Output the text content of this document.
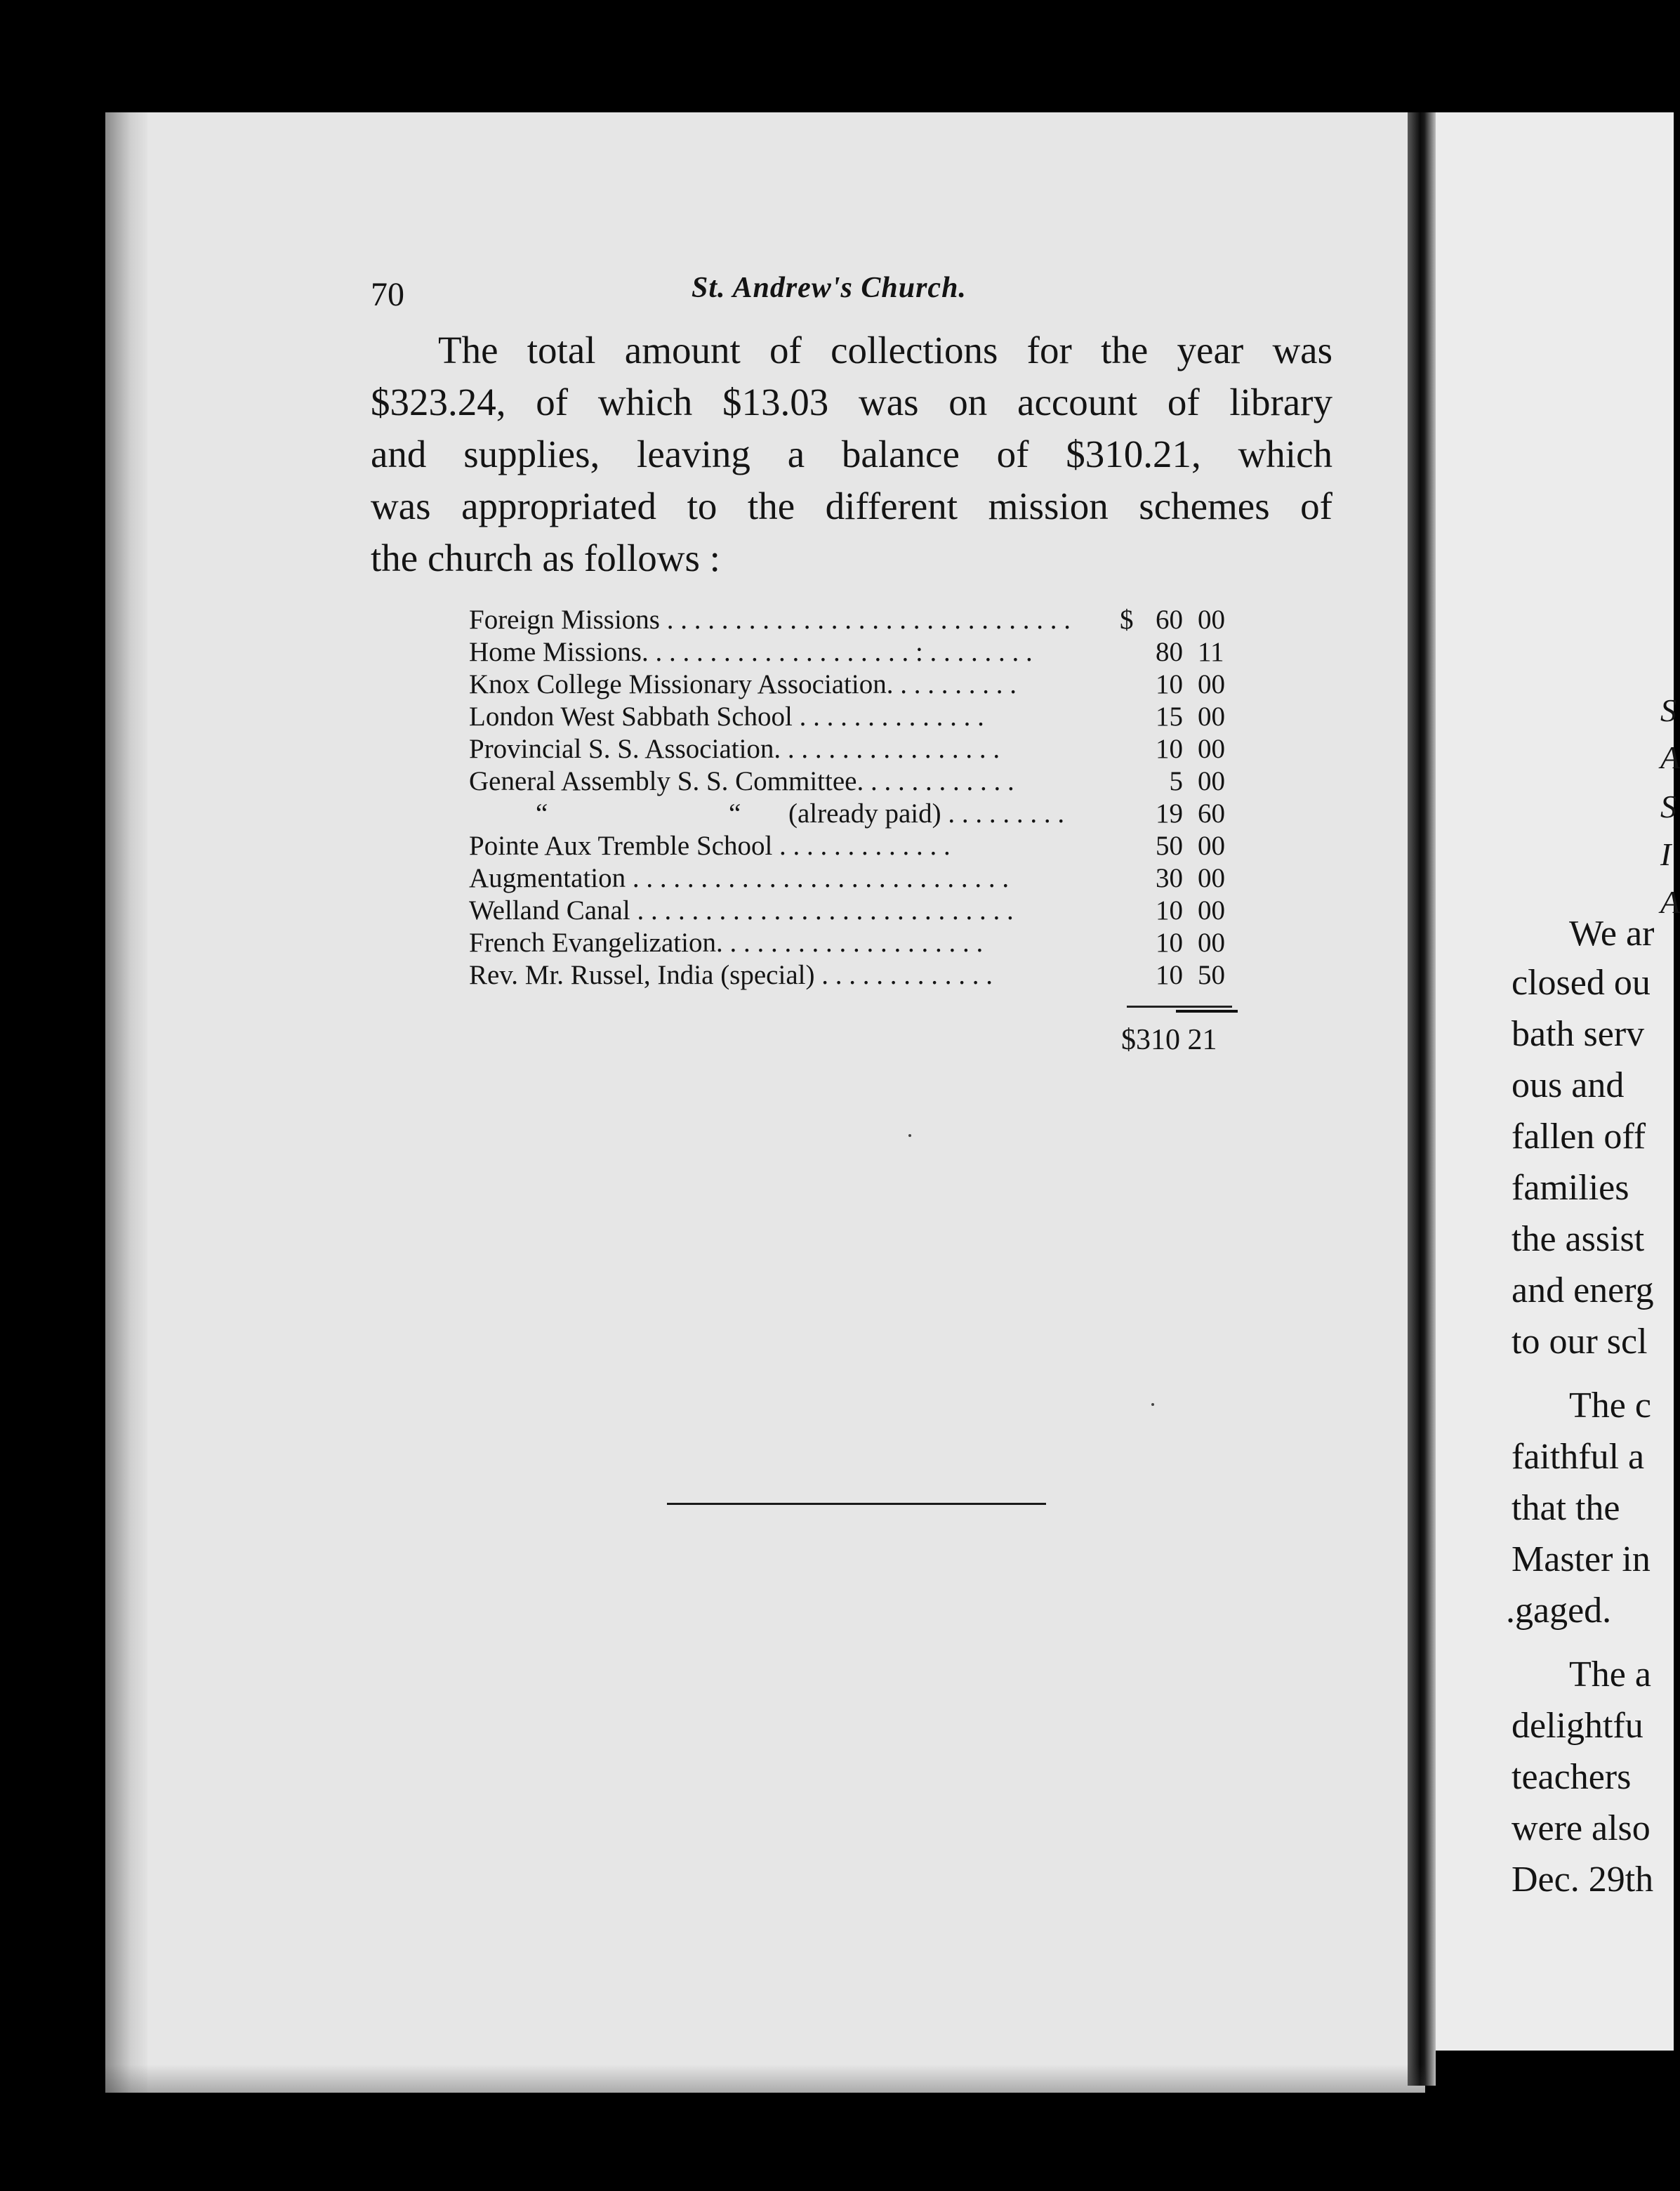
70	St. Andrew's Church.
The total amount of collections for the year was
$323.24, of which $13.03 was on account of library
and supplies, leaving a balance of $310.21, which
was appropriated to the different mission schemes of
the church as follows :
Foreign Missions . . . . . . . . . . . . . . . . . . . . . . . . . . . . . . $ 60 00
Home Missions. . . . . . . . . . . . . . . . . . . . : . . . . . . . .	80 11
Knox College Missionary Association. . . . . . . . . .	10 00
London West Sabbath School . . . . . . . . . . . . . .	15 00
Provincial S. S. Association. . . . . . . . . . . . . . . . .	10 00
General Assembly S. S. Committee. . . . . . . . . . . .	5 00
“	“ (already paid) . . . . . . . . .	19 60
Pointe Aux Tremble School . . . . . . . . . . . . .	50 00
Augmentation . . . . . . . . . . . . . . . . . . . . . . . . . . . .	30 00
Welland Canal . . . . . . . . . . . . . . . . . . . . . . . . . . . .	10 00
French Evangelization. . . . . . . . . . . . . . . . . . . .	10 00
Rev. Mr. Russel, India (special) . . . . . . . . . . . . .	10 50
$310 21
S
A
S
I
A
We ar
closed ou
bath serv
ous and
fallen off
families
the assist
and energ
to our scl
The c
faithful a
that the
Master in
.gaged.
The a
delightfu
teachers
were also
Dec. 29th
